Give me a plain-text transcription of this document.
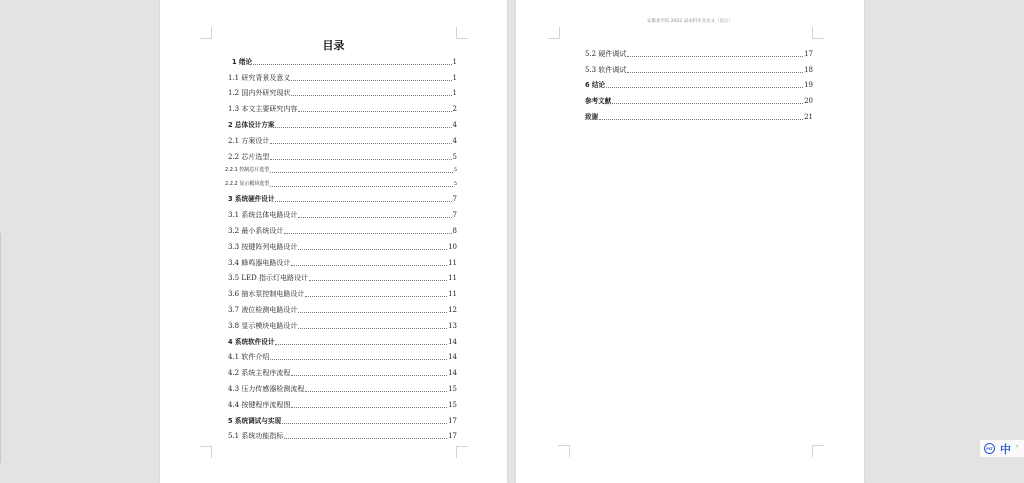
目录
1 绪论	1
1.1 研究背景及意义	1
1.2 国内外研究现状	1
1.3 本文主要研究内容	2
2 总体设计方案	4
2.1 方案设计	4
2.2 芯片选型	5
2.2.1 控制芯片选型	5
2.2.2 显示模块选型	5
3 系统硬件设计	7
3.1 系统总体电路设计	7
3.2 最小系统设计	8
3.3 按键阵列电路设计	10
3.4 蜂鸣器电路设计	11
3.5 LED 指示灯电路设计	11
3.6 抽水泵控制电路设计	11
3.7 液位检测电路设计	12
3.8 显示模块电路设计	13
4 系统软件设计	14
4.1 软件介绍	14
4.2 系统主程序流程	14
4.3 压力传感器检测流程	15
4.4 按键程序流程图	15
5 系统调试与实现	17
5.1 系统功能指标	17
安徽某学院 2022 届本科毕业论文（设计）
5.2 硬件调试	17
5.3 软件调试	18
6 结论	19
参考文献	20
致谢	21
PLT 中 '
